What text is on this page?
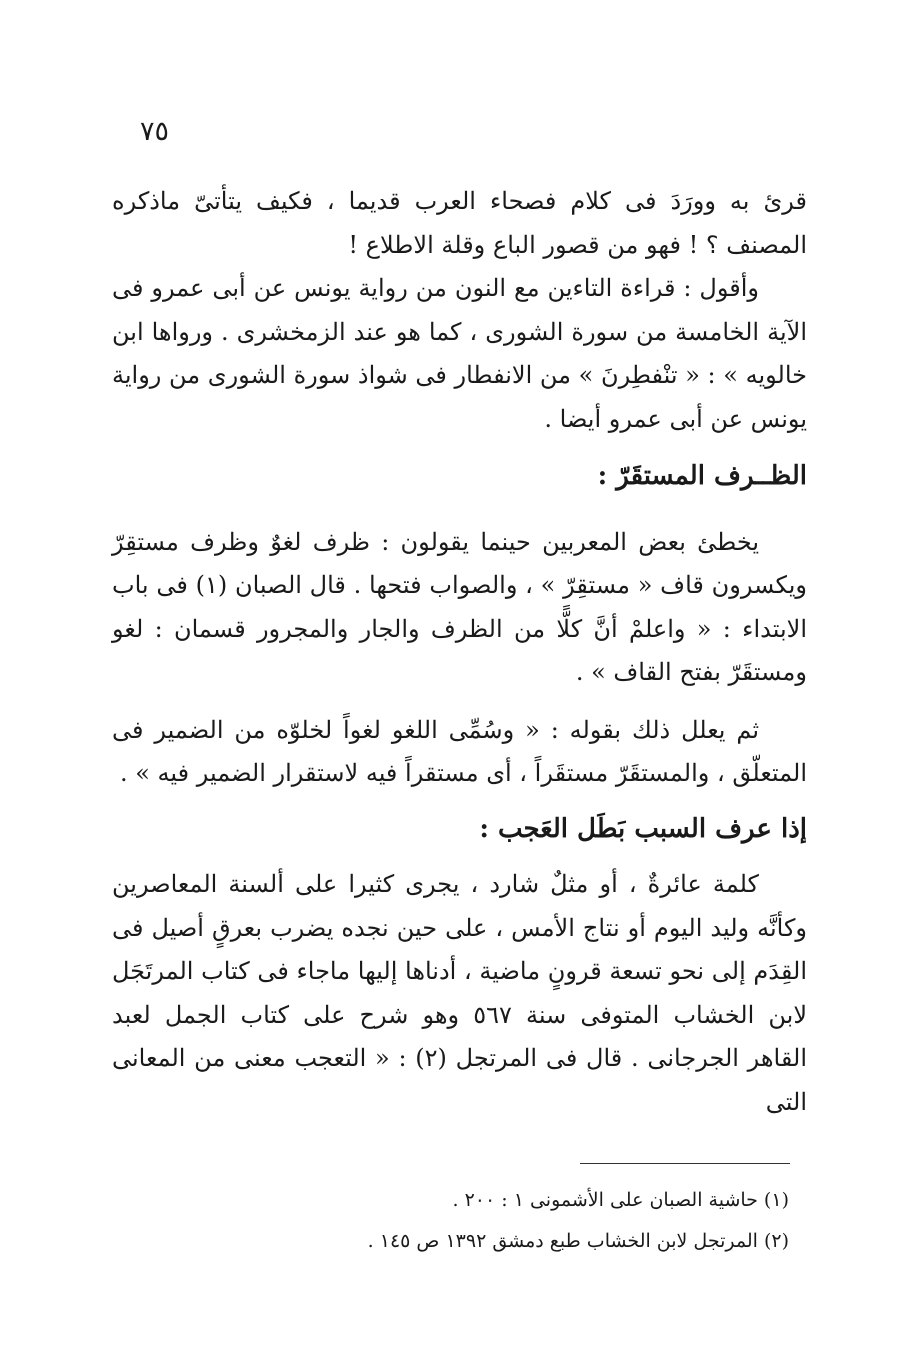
٧٥

قرئ به وورَدَ فى كلام فصحاء العرب قديما ، فكيف يتأتىّ ماذكره المصنف ؟ ! فهو من قصور الباع وقلة الاطلاع !

وأقول : قراءة التاءين مع النون من رواية يونس عن أبى عمرو فى الآية الخامسة من سورة الشورى ، كما هو عند الزمخشرى . ورواها ابن خالويه » : « تنْفطِرنَ » من الانفطار فى شواذ سورة الشورى من رواية يونس عن أبى عمرو أيضا .

الظــرف المستقَرّ :

يخطئ بعض المعربين حينما يقولون : ظرف لغوٌ وظرف مستقِرّ ويكسرون قاف « مستقِرّ » ، والصواب فتحها . قال الصبان (١) فى باب الابتداء : « واعلمْ أنَّ كلًّا من الظرف والجار والمجرور قسمان : لغو ومستقَرّ بفتح القاف » .

ثم يعلل ذلك بقوله : « وسُمِّى اللغو لغواً لخلوّه من الضمير فى المتعلّق ، والمستقَرّ مستقَراً ، أى مستقراً فيه لاستقرار الضمير فيه » .

إذا عرف السبب بَطَل العَجب :

كلمة عائرةٌ ، أو مثلٌ شارد ، يجرى كثيرا على ألسنة المعاصرين وكأنَّه وليد اليوم أو نتاج الأمس ، على حين نجده يضرب بعرقٍ أصيل فى القِدَم إلى نحو تسعة قرونٍ ماضية ، أدناها إليها ماجاء فى كتاب المرتَجَل لابن الخشاب المتوفى سنة ٥٦٧ وهو شرح على كتاب الجمل لعبد القاهر الجرجانى . قال فى المرتجل (٢) : « التعجب معنى من المعانى التى

(١) حاشية الصبان على الأشمونى ١ : ٢٠٠ .

(٢) المرتجل لابن الخشاب طبع دمشق ١٣٩٢ ص ١٤٥ .
